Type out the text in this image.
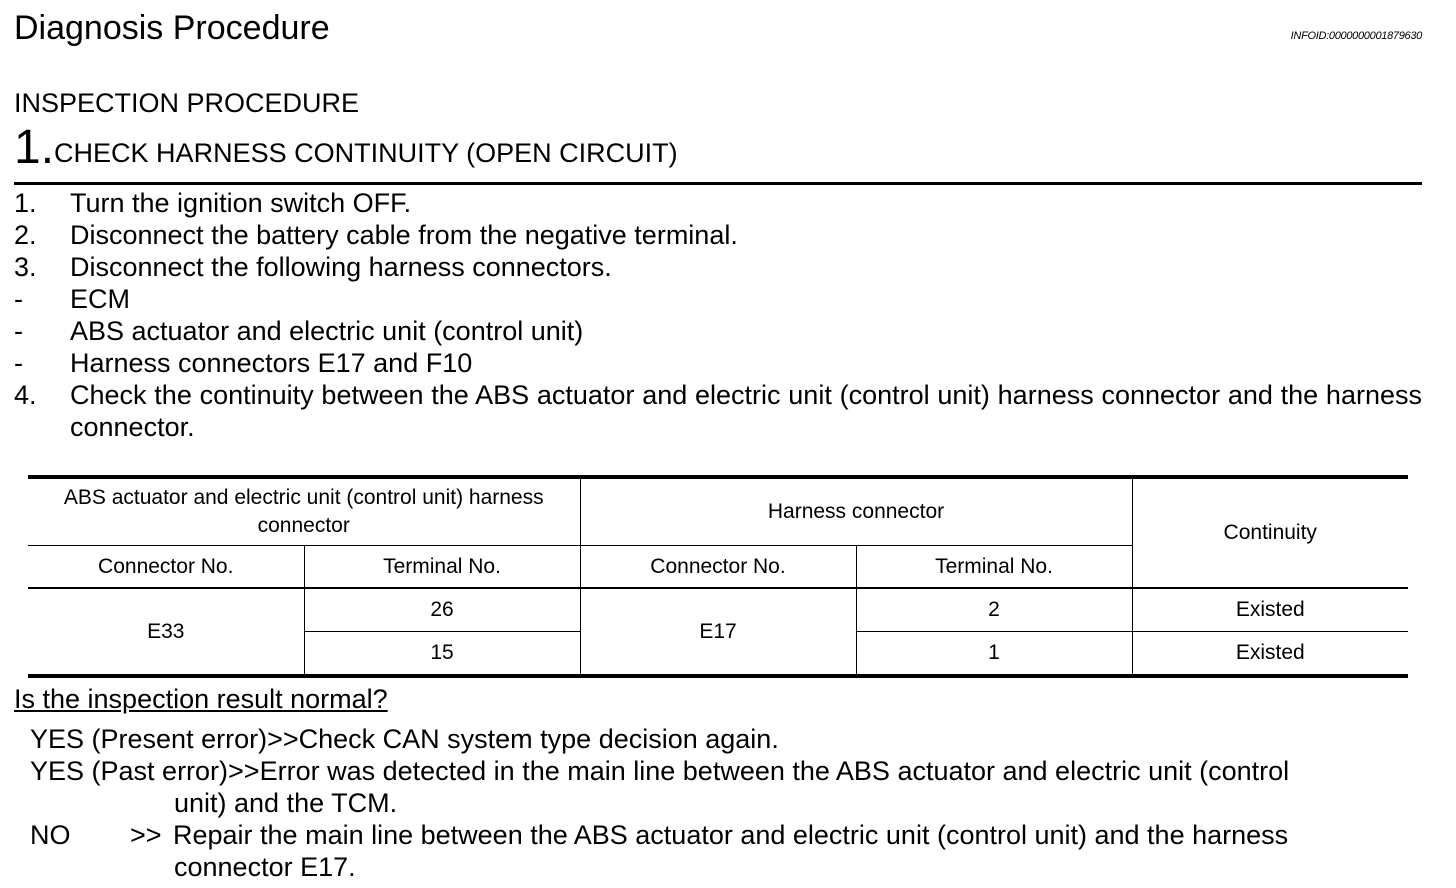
Diagnosis Procedure	INFOID:0000000001879630
INSPECTION PROCEDURE
1.CHECK HARNESS CONTINUITY (OPEN CIRCUIT)
1.	Turn the ignition switch OFF.
2.	Disconnect the battery cable from the negative terminal.
3.	Disconnect the following harness connectors.
-	ECM
-	ABS actuator and electric unit (control unit)
-	Harness connectors E17 and F10
4.	Check the continuity between the ABS actuator and electric unit (control unit) harness connector and the harness connector.
ABS actuator and electric unit (control unit) harness connector		Harness connector		Continuity
Connector No.	Terminal No.	Connector No.	Terminal No.	
E33	26	E17	2	Existed
	15		1	Existed
Is the inspection result normal?
YES (Present error)>>Check CAN system type decision again.
YES (Past error)>>Error was detected in the main line between the ABS actuator and electric unit (control
unit) and the TCM.
NO	>> Repair the main line between the ABS actuator and electric unit (control unit) and the harness
connector E17.
